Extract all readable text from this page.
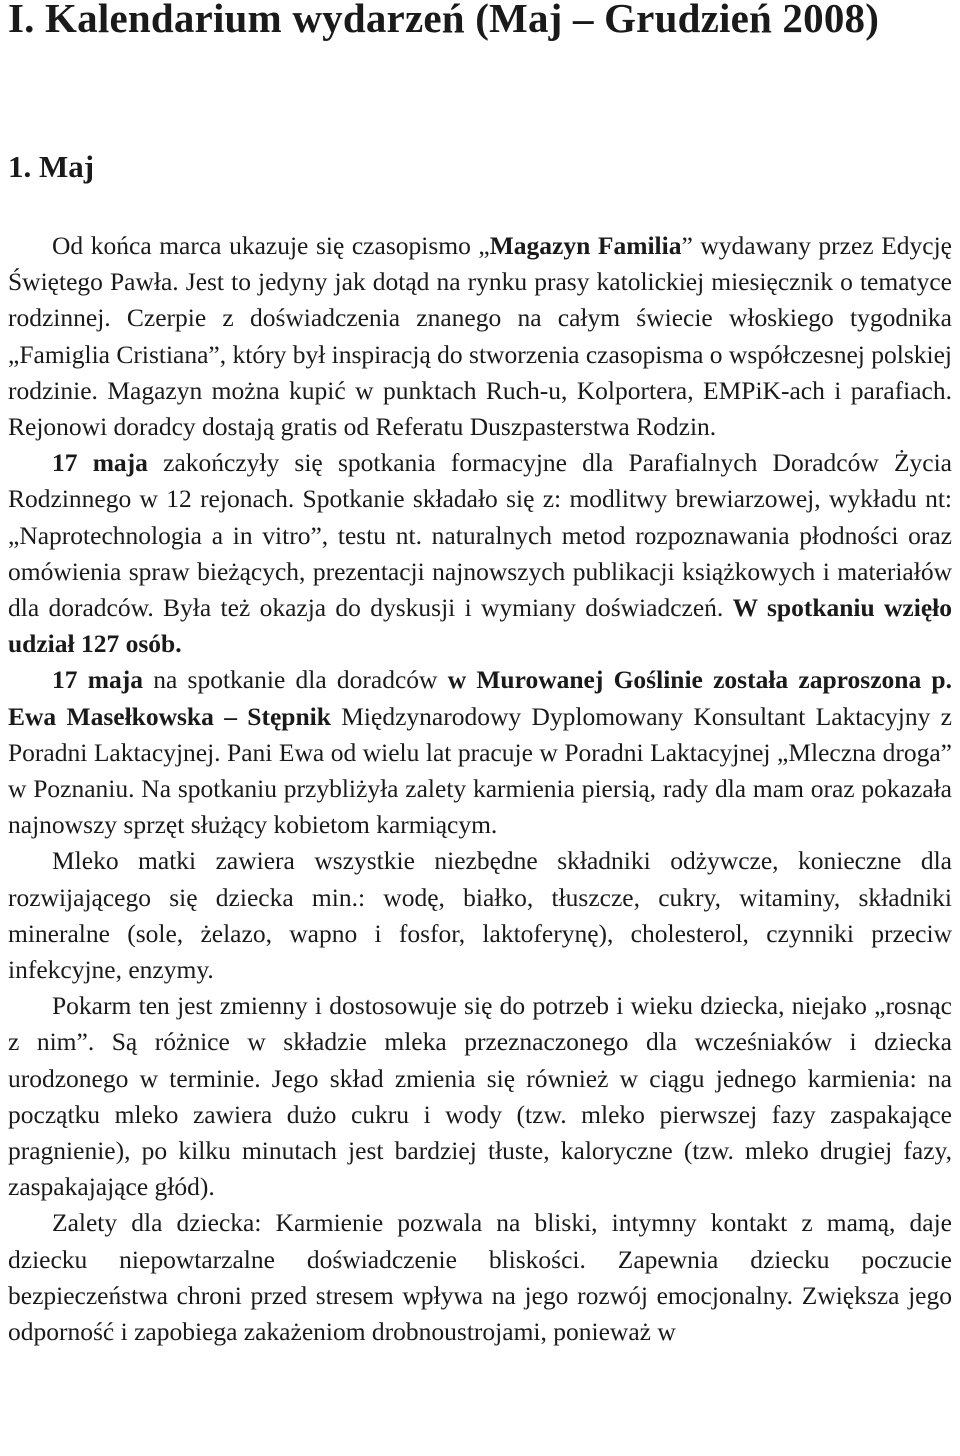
I. Kalendarium wydarzeń (Maj – Grudzień 2008)
1. Maj

Od końca marca ukazuje się czasopismo „Magazyn Familia” wydawany przez Edycję Świętego Pawła. Jest to jedyny jak dotąd na rynku prasy katolickiej miesięcznik o tematyce rodzinnej. Czerpie z doświadczenia znanego na całym świecie włoskiego tygodnika „Famiglia Cristiana”, który był inspiracją do stworzenia czasopisma o współczesnej polskiej rodzinie. Magazyn można kupić w punktach Ruch-u, Kolportera, EMPiK-ach i parafiach. Rejonowi doradcy dostają gratis od Referatu Duszpasterstwa Rodzin.

17 maja zakończyły się spotkania formacyjne dla Parafialnych Doradców Życia Rodzinnego w 12 rejonach. Spotkanie składało się z: modlitwy brewiarzowej, wykładu nt: „Naprotechnologia a in vitro”, testu nt. naturalnych metod rozpoznawania płodności oraz omówienia spraw bieżących, prezentacji najnowszych publikacji książkowych i materiałów dla doradców. Była też okazja do dyskusji i wymiany doświadczeń. W spotkaniu wzięło udział 127 osób.

17 maja na spotkanie dla doradców w Murowanej Goślinie została zaproszona p. Ewa Masełkowska – Stępnik Międzynarodowy Dyplomowany Konsultant Laktacyjny z Poradni Laktacyjnej. Pani Ewa od wielu lat pracuje w Poradni Laktacyjnej „Mleczna droga” w Poznaniu. Na spotkaniu przybliżyła zalety karmienia piersią, rady dla mam oraz pokazała najnowszy sprzęt służący kobietom karmiącym.

Mleko matki zawiera wszystkie niezbędne składniki odżywcze, konieczne dla rozwijającego się dziecka min.: wodę, białko, tłuszcze, cukry, witaminy, składniki mineralne (sole, żelazo, wapno i fosfor, laktoferynę), cholesterol, czynniki przeciw infekcyjne, enzymy.

Pokarm ten jest zmienny i dostosowuje się do potrzeb i wieku dziecka, niejako „rosnąc z nim”. Są różnice w składzie mleka przeznaczonego dla wcześniaków i dziecka urodzonego w terminie. Jego skład zmienia się również w ciągu jednego karmienia: na początku mleko zawiera dużo cukru i wody (tzw. mleko pierwszej fazy zaspakające pragnienie), po kilku minutach jest bardziej tłuste, kaloryczne (tzw. mleko drugiej fazy, zaspakajające głód).

Zalety dla dziecka: Karmienie pozwala na bliski, intymny kontakt z mamą, daje dziecku niepowtarzalne doświadczenie bliskości. Zapewnia dziecku poczucie bezpieczeństwa chroni przed stresem wpływa na jego rozwój emocjonalny. Zwiększa jego odporność i zapobiega zakażeniom drobnoustrojami, ponieważ w
